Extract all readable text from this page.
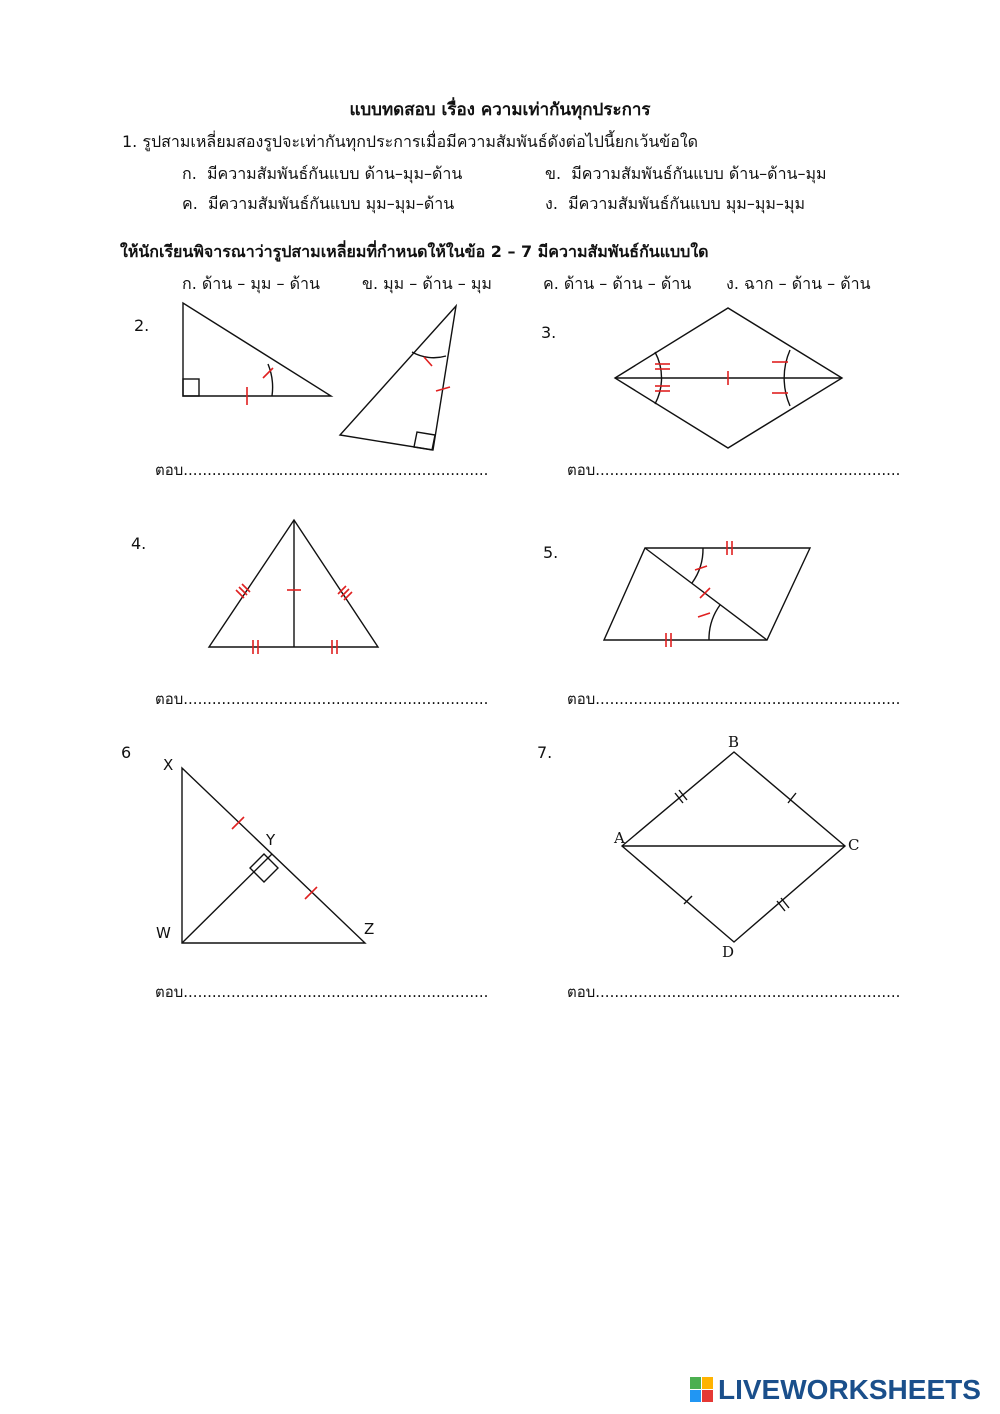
แบบทดสอบ เรื่อง ความเท่ากันทุกประการ
1. รูปสามเหลี่ยมสองรูปจะเท่ากันทุกประการเมื่อมีความสัมพันธ์ดังต่อไปนี้ยกเว้นข้อใด
ก. มีความสัมพันธ์กันแบบ ด้าน–มุม–ด้าน	ข. มีความสัมพันธ์กันแบบ ด้าน–ด้าน–มุม
ค. มีความสัมพันธ์กันแบบ มุม–มุม–ด้าน	ง. มีความสัมพันธ์กันแบบ มุม–มุม–มุม
ให้นักเรียนพิจารณาว่ารูปสามเหลี่ยมที่กำหนดให้ในข้อ 2 – 7 มีความสัมพันธ์กันแบบใด
ก. ด้าน – มุม – ด้าน	ข. มุม – ด้าน – มุม	ค. ด้าน – ด้าน – ด้าน ง. ฉาก – ด้าน – ด้าน
2.	3.
4.	5.
6	7.
ตอบ................................................................	ตอบ................................................................
ตอบ................................................................	ตอบ................................................................
ตอบ................................................................	ตอบ................................................................
X
Y
W	Z
B
A	C
D
LIVEWORKSHEETS
